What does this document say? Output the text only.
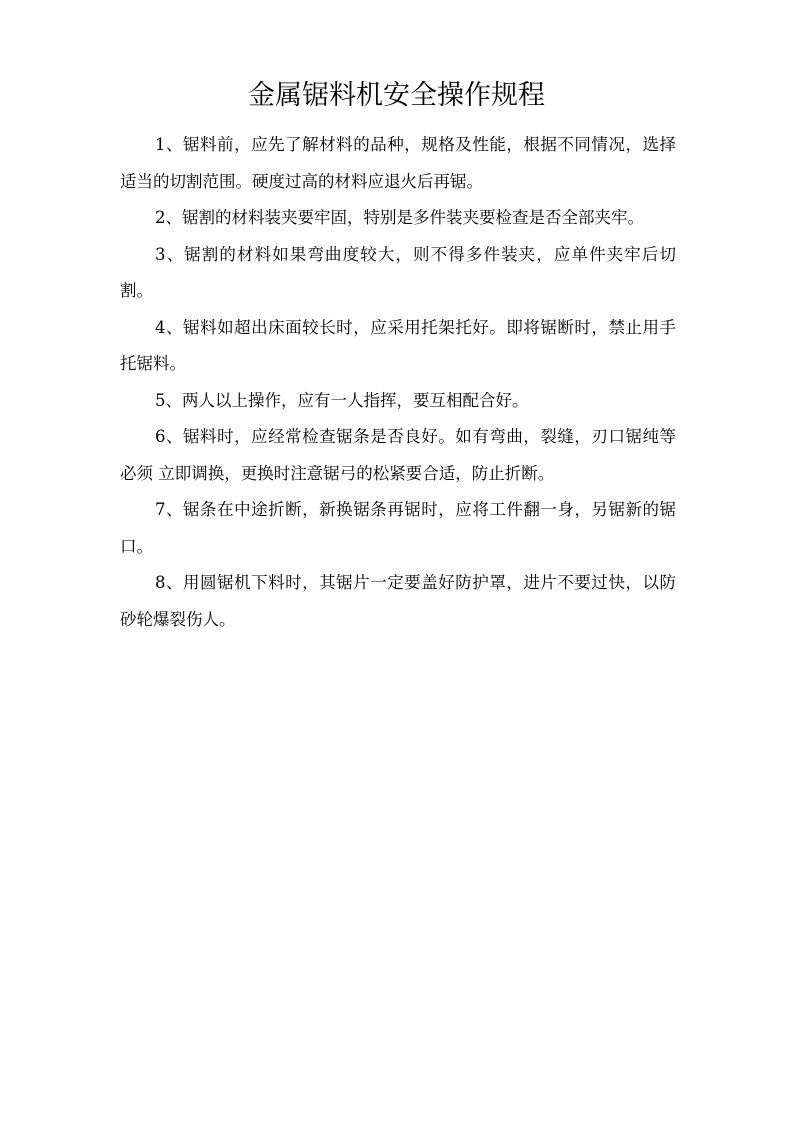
金属锯料机安全操作规程

1、锯料前，应先了解材料的品种，规格及性能，根据不同情况，选择适当的切割范围。硬度过高的材料应退火后再锯。

2、锯割的材料装夹要牢固，特别是多件装夹要检查是否全部夹牢。

3、锯割的材料如果弯曲度较大，则不得多件装夹，应单件夹牢后切割。

4、锯料如超出床面较长时，应采用托架托好。即将锯断时，禁止用手托锯料。

5、两人以上操作，应有一人指挥，要互相配合好。

6、锯料时，应经常检查锯条是否良好。如有弯曲，裂缝，刃口锯纯等必须 立即调换，更换时注意锯弓的松紧要合适，防止折断。

7、锯条在中途折断，新换锯条再锯时，应将工件翻一身，另锯新的锯口。

8、用圆锯机下料时，其锯片一定要盖好防护罩，进片不要过快，以防砂轮爆裂伤人。
